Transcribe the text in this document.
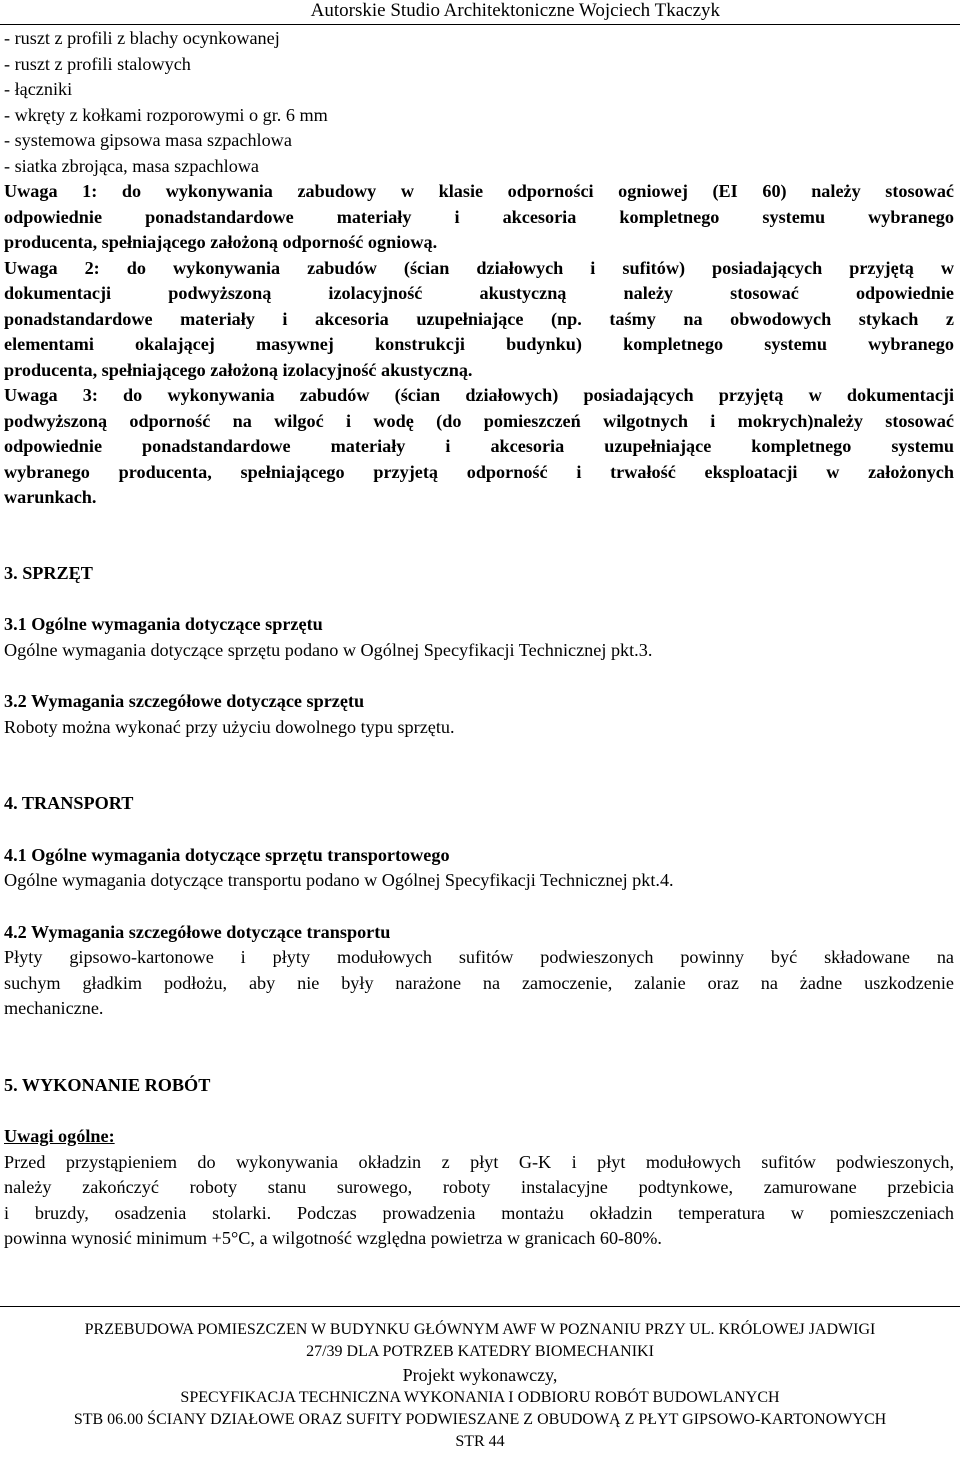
Autorskie Studio Architektoniczne Wojciech Tkaczyk
- ruszt z profili z blachy ocynkowanej
- ruszt z profili stalowych
- łączniki
- wkręty z kołkami rozporowymi o gr. 6 mm
- systemowa gipsowa masa szpachlowa
- siatka zbrojąca, masa szpachlowa

Uwaga 1: do wykonywania zabudowy w klasie odporności ogniowej (EI 60) należy stosować
odpowiednie ponadstandardowe materiały i akcesoria kompletnego systemu wybranego
producenta, spełniającego założoną odporność ogniową.

Uwaga 2: do wykonywania zabudów (ścian działowych i sufitów) posiadających przyjętą w
dokumentacji podwyższoną izolacyjność akustyczną należy stosować odpowiednie
ponadstandardowe materiały i akcesoria uzupełniające (np. taśmy na obwodowych stykach z
elementami okalającej masywnej konstrukcji budynku) kompletnego systemu wybranego
producenta, spełniającego założoną izolacyjność akustyczną.

Uwaga 3: do wykonywania zabudów (ścian działowych) posiadających przyjętą w dokumentacji
podwyższoną odporność na wilgoć i wodę (do pomieszczeń wilgotnych i mokrych)należy stosować
odpowiednie ponadstandardowe materiały i akcesoria uzupełniające kompletnego systemu
wybranego producenta, spełniającego przyjetą odporność i trwałość eksploatacji w założonych
warunkach.

3. SPRZĘT
3.1 Ogólne wymagania dotyczące sprzętu
Ogólne wymagania dotyczące sprzętu podano w Ogólnej Specyfikacji Technicznej pkt.3.
3.2 Wymagania szczegółowe dotyczące sprzętu
Roboty można wykonać przy użyciu dowolnego typu sprzętu.
4. TRANSPORT
4.1 Ogólne wymagania dotyczące sprzętu transportowego
Ogólne wymagania dotyczące transportu podano w Ogólnej Specyfikacji Technicznej pkt.4.
4.2 Wymagania szczegółowe dotyczące transportu

Płyty gipsowo-kartonowe i płyty modułowych sufitów podwieszonych powinny być składowane na
suchym gładkim podłożu, aby nie były narażone na zamoczenie, zalanie oraz na żadne uszkodzenie
mechaniczne.

5. WYKONANIE ROBÓT
Uwagi ogólne:

Przed przystąpieniem do wykonywania okładzin z płyt G-K i płyt modułowych sufitów podwieszonych,
należy zakończyć roboty stanu surowego, roboty instalacyjne podtynkowe, zamurowane przebicia
i bruzdy, osadzenia stolarki. Podczas prowadzenia montażu okładzin temperatura w pomieszczeniach
powinna wynosić minimum +5°C, a wilgotność względna powietrza w granicach 60-80%.

PRZEBUDOWA POMIESZCZEN W BUDYNKU GŁÓWNYM AWF W POZNANIU PRZY UL. KRÓLOWEJ JADWIGI
27/39 DLA POTRZEB KATEDRY BIOMECHANIKI
Projekt wykonawczy,
SPECYFIKACJA TECHNICZNA WYKONANIA I ODBIORU ROBÓT BUDOWLANYCH
STB 06.00 ŚCIANY DZIAŁOWE ORAZ SUFITY PODWIESZANE Z OBUDOWĄ Z PŁYT GIPSOWO-KARTONOWYCH
STR 44
